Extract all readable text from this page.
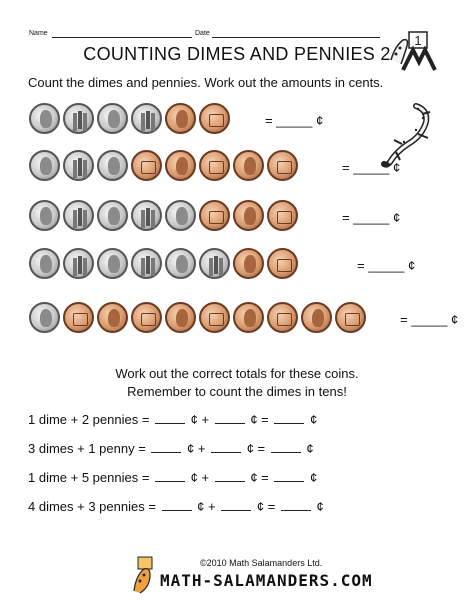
Name	Date	1
COUNTING DIMES AND PENNIES 2
Count the dimes and pennies. Work out the amounts in cents.
= _____ ¢
= _____ ¢
= _____ ¢
= _____ ¢
= _____ ¢
Work out the correct totals for these coins.
Remember to count the dimes in tens!
1 dime + 2 pennies =	¢ +	¢ =	¢
3 dimes + 1 penny =	¢ +	¢ =	¢
1 dime + 5 pennies =	¢ +	¢ =	¢
4 dimes + 3 pennies =	¢ +	¢ =	¢
©2010 Math Salamanders Ltd.
MATH-SALAMANDERS.COM
